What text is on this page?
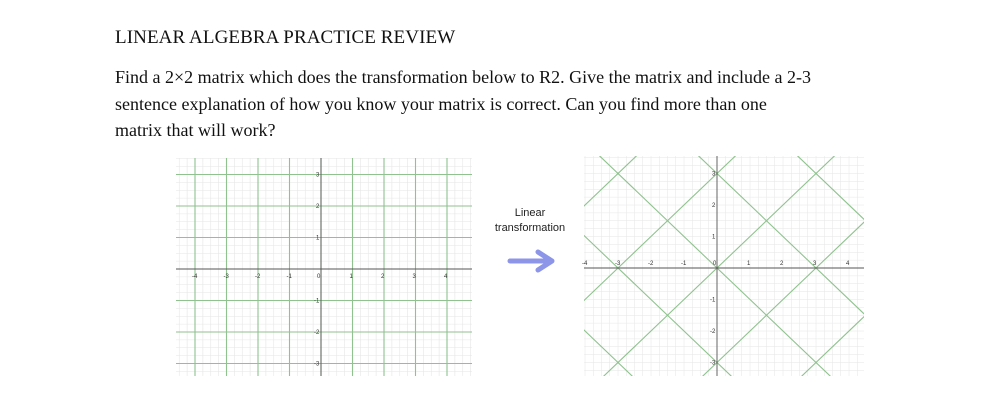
LINEAR ALGEBRA PRACTICE REVIEW
Find a 2×2 matrix which does the transformation below to R2. Give the matrix and include a 2-3
sentence explanation of how you know your matrix is correct. Can you find more than one
matrix that will work?
-4	-3	-2	-1	0	1	2	3	4
3
2
1
-1
-2
-3
Linear
transformation
-4	-3	-2	-1	0	1	2	3	4
3
2
1
-1
-2
-3
